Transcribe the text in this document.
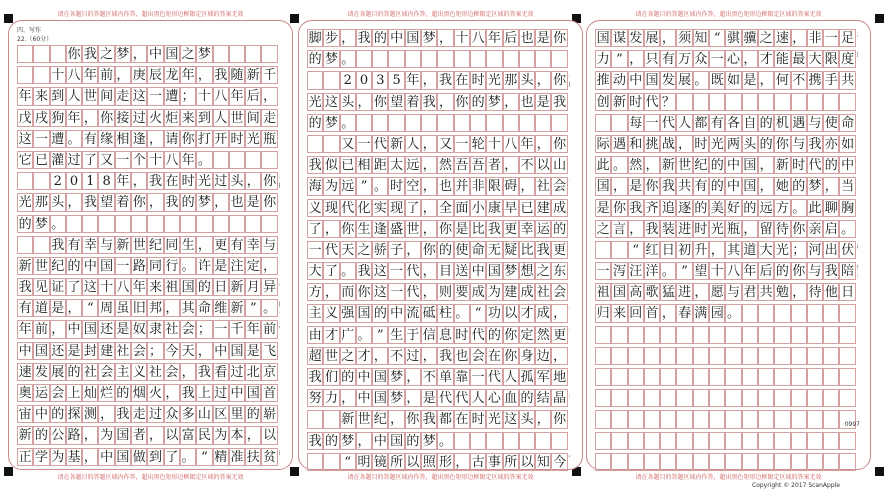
请在各题目的答题区域内作答，超出黑色矩形边框限定区域的答案无效
四、写作
22.（60分）
你 我 之 梦 ， 中 国 之 梦
十 八 年 前 ， 庚 辰 龙 年 ， 我 随 新 千
年 来 到 人 世 间 走 这 一 遭 ； 十 八 年 后 ，
戊 戌 狗 年 ， 你 接 过 火 炬 来 到 人 世 间 走
这 一 遭 。 有 缘 相 逢 ， 请 你 打 开 时 光 瓶
它 已 灌 过 了 又 一 个 十 八 年 。
2 0 1 8 年 ， 我 在 时 光 过 头 ， 你
光 那 头 ， 我 望 着 你 ， 我 的 梦 ， 也 是 你
的 梦 。
我 有 幸 与 新 世 纪 同 生 ， 更 有 幸 与
新 世 纪 的 中 国 一 路 同 行 。 许 是 注 定 ，
我 见 证 了 这 十 八 年 来 祖 国 的 日 新 月 异
有 道 是 ， “ 周 虽 旧 邦 ， 其 命 维 新 ” 。
年 前 ， 中 国 还 是 奴 隶 社 会 ； 一 千 年 前
中 国 还 是 封 建 社 会 ； 今 天 ， 中 国 是 飞
速 发 展 的 社 会 主 义 社 会 ， 我 看 过 北 京
奥 运 会 上 灿 烂 的 烟 火 ， 我 上 过 中 国 首
宙 中 的 探 测 ， 我 走 过 众 多 山 区 里 的 崭
新 的 公 路 ， 为 国 者 ， 以 富 民 为 本 ， 以
正 学 为 基 ， 中 国 做 到 了 。 “ 精 准 扶 贫
请在各题目的答题区域内作答，超出黑色矩形边框限定区域的答案无效
请在各题目的答题区域内作答，超出黑色矩形边框限定区域的答案无效
脚 步 ， 我 的 中 国 梦 ， 十 八 年 后 也 是 你
的 梦 。
2 0 3 5 年 ， 我 在 时 光 那 头 ， 你
光 这 头 ， 你 望 着 我 ， 你 的 梦 ， 也 是 我
的 梦 。
又 一 代 新 人 ， 又 一 轮 十 八 年 ， 你
我 似 已 相 距 太 远 ， 然 吾 吾 者 ， 不 以 山
海 为 远 ” 。 时 空 ， 也 并 非 限 碍 ， 社 会
义 现 代 化 实 现 了 ， 全 面 小 康 早 已 建 成
了 ， 你 生 逢 盛 世 ， 你 是 比 我 更 幸 运 的
一 代 天 之 骄 子 ， 你 的 使 命 无 疑 比 我 更
大 了 。 我 这 一 代 ， 目 送 中 国 梦 想 之 东
方 ， 而 你 这 一 代 ， 则 要 成 为 建 成 社 会
主 义 强 国 的 中 流 砥 柱 。 “ 功 以 才 成 ，
由 才 广 。 ” 生 于 信 息 时 代 的 你 定 然 更
超 世 之 才 ， 不 过 ， 我 也 会 在 你 身 边 ，
我 们 的 中 国 梦 ， 不 单 靠 一 代 人 孤 军 地
努 力 ， 中 国 梦 ， 是 代 代 人 心 血 的 结 晶
新 世 纪 ， 你 我 都 在 时 光 这 头 ， 你
我 的 梦 ， 中 国 的 梦 。
“ 明 镜 所 以 照 形 ， 古 事 所 以 知 今
请在各题目的答题区域内作答，超出黑色矩形边框限定区域的答案无效
请在各题目的答题区域内作答，超出黑色矩形边框限定区域的答案无效
国 谋 发 展 ， 须 知 “ 骐 骥 之 速 ， 非 一 足
力 ” ， 只 有 万 众 一 心 ， 才 能 最 大 限 度
推 动 中 国 发 展 。 既 如 是 ， 何 不 携 手 共
创 新 时 代 ？
每 一 代 人 都 有 各 自 的 机 遇 与 使 命
际 遇 和 挑 战 ， 时 光 两 头 的 你 与 我 亦 如
此 。 然 ， 新 世 纪 的 中 国 ， 新 时 代 的 中
国 ， 是 你 我 共 有 的 中 国 ， 她 的 梦 ， 当
是 你 我 齐 追 逐 的 美 好 的 远 方 。 此 聊 胸
之 言 ， 我 装 进 时 光 瓶 ， 留 待 你 亲 启 。
“ 红 日 初 升 ， 其 道 大 光 ； 河 出 伏
一 泻 汪 洋 。 ” 望 十 八 年 后 的 你 与 我 陪
祖 国 高 歌 猛 进 ， 愿 与 君 共 勉 ， 待 他 日
归 来 回 首 ， 春 满 园 。
0997
请在各题目的答题区域内作答，超出黑色矩形边框限定区域的答案无效
Copyright © 2017 ScanApple
